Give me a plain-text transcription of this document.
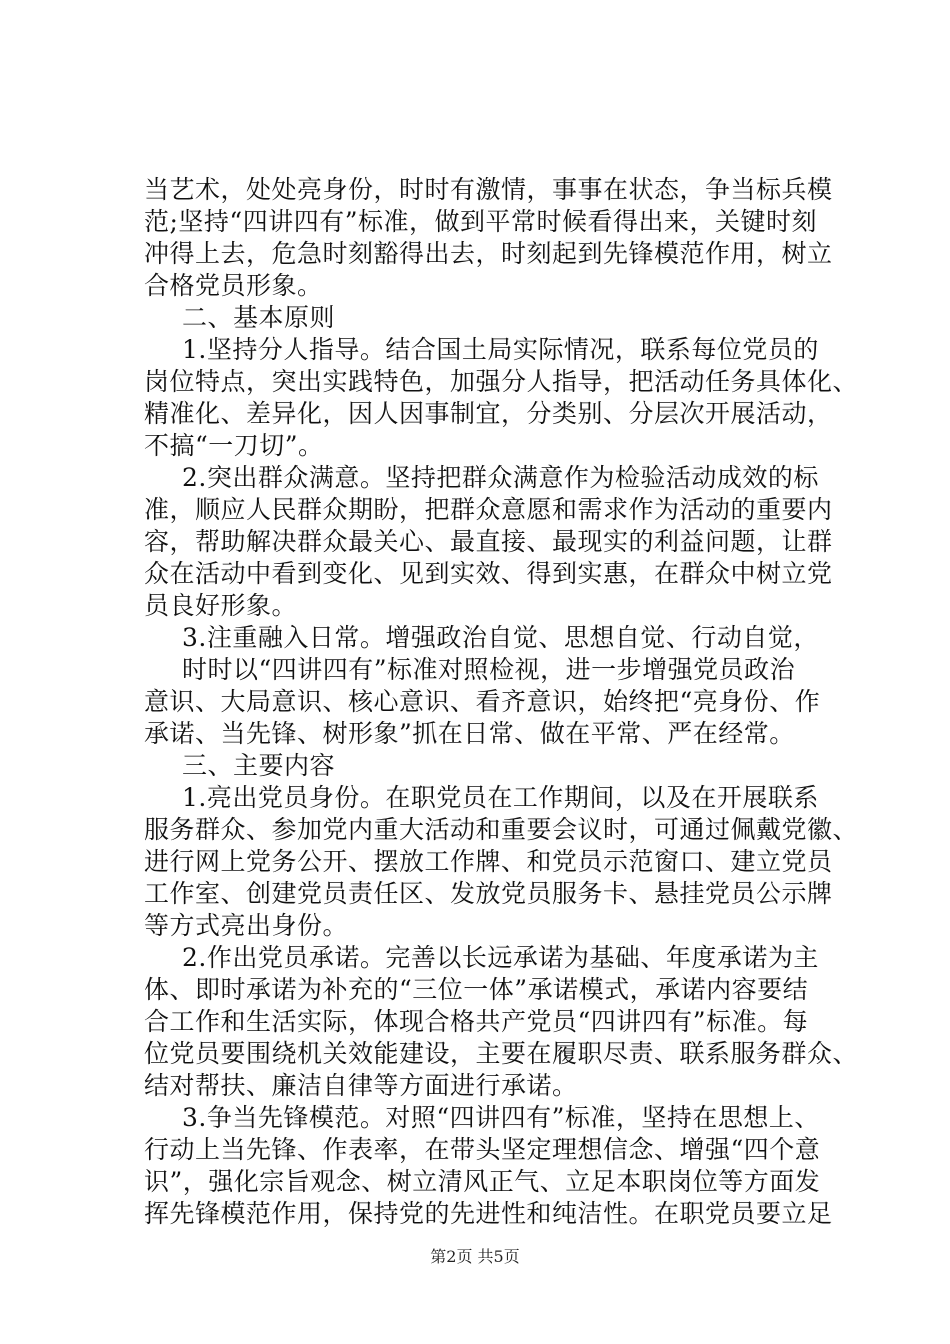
当艺术，处处亮身份，时时有激情，事事在状态，争当标兵模
范;坚持“四讲四有”标准，做到平常时候看得出来，关键时刻
冲得上去，危急时刻豁得出去，时刻起到先锋模范作用，树立
合格党员形象。
二、基本原则
1.坚持分人指导。结合国土局实际情况，联系每位党员的
岗位特点，突出实践特色，加强分人指导，把活动任务具体化、
精准化、差异化，因人因事制宜，分类别、分层次开展活动，
不搞“一刀切”。
2.突出群众满意。坚持把群众满意作为检验活动成效的标
准，顺应人民群众期盼，把群众意愿和需求作为活动的重要内
容，帮助解决群众最关心、最直接、最现实的利益问题，让群
众在活动中看到变化、见到实效、得到实惠，在群众中树立党
员良好形象。
3.注重融入日常。增强政治自觉、思想自觉、行动自觉，
时时以“四讲四有”标准对照检视，进一步增强党员政治
意识、大局意识、核心意识、看齐意识，始终把“亮身份、作
承诺、当先锋、树形象”抓在日常、做在平常、严在经常。
三、主要内容
1.亮出党员身份。在职党员在工作期间，以及在开展联系
服务群众、参加党内重大活动和重要会议时，可通过佩戴党徽、
进行网上党务公开、摆放工作牌、和党员示范窗口、建立党员
工作室、创建党员责任区、发放党员服务卡、悬挂党员公示牌
等方式亮出身份。
2.作出党员承诺。完善以长远承诺为基础、年度承诺为主
体、即时承诺为补充的“三位一体”承诺模式，承诺内容要结
合工作和生活实际，体现合格共产党员“四讲四有”标准。每
位党员要围绕机关效能建设，主要在履职尽责、联系服务群众、
结对帮扶、廉洁自律等方面进行承诺。
3.争当先锋模范。对照“四讲四有”标准，坚持在思想上、
行动上当先锋、作表率，在带头坚定理想信念、增强“四个意
识”，强化宗旨观念、树立清风正气、立足本职岗位等方面发
挥先锋模范作用，保持党的先进性和纯洁性。在职党员要立足
第2页 共5页
